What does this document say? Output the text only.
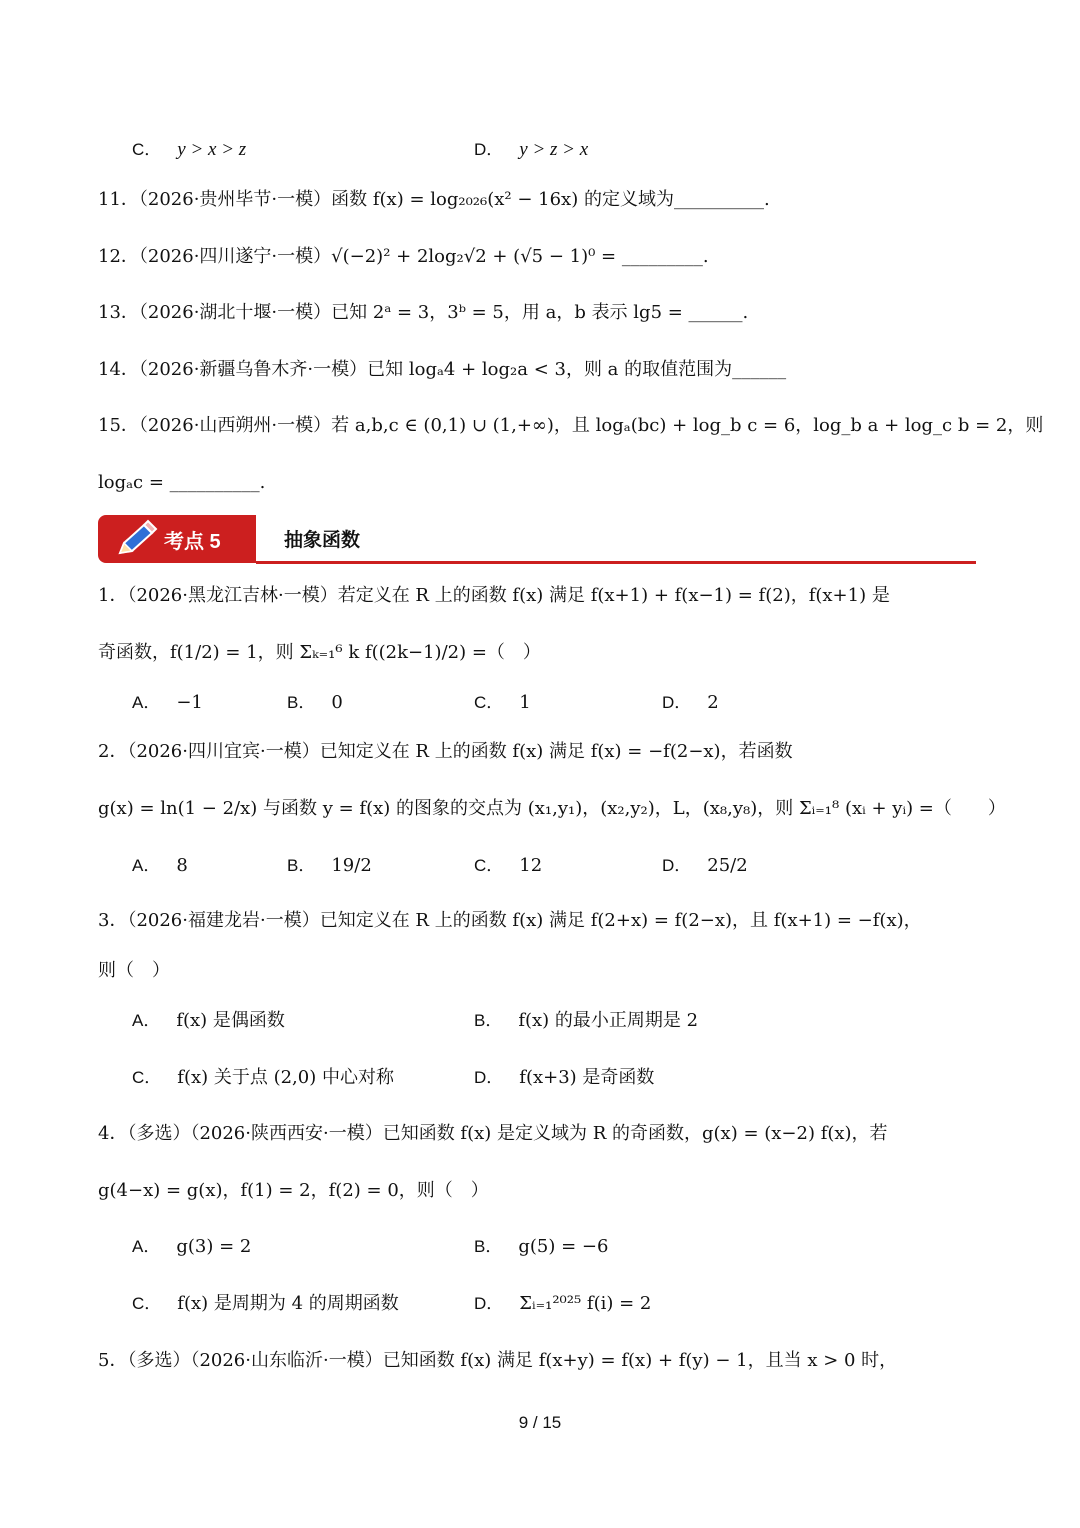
C． y > x > z	D． y > z > x
11．（2026·贵州毕节·一模）函数 f(x) = log₂₀₂₆(x² − 16x) 的定义域为__________.
12．（2026·四川遂宁·一模）√(−2)² + 2log₂√2 + (√5 − 1)⁰ = _________.
13．（2026·湖北十堰·一模）已知 2ᵃ = 3，3ᵇ = 5，用 a，b 表示 lg5 = ______.
14．（2026·新疆乌鲁木齐·一模）已知 logₐ4 + log₂a < 3，则 a 的取值范围为______
15．（2026·山西朔州·一模）若 a,b,c ∈ (0,1) ∪ (1,+∞)，且 logₐ(bc) + log_b c = 6，log_b a + log_c b = 2，则
logₐc = __________.
考点 5	抽象函数
1．（2026·黑龙江吉林·一模）若定义在 R 上的函数 f(x) 满足 f(x+1) + f(x−1) = f(2)，f(x+1) 是
奇函数，f(1/2) = 1，则 Σₖ₌₁⁶ k f((2k−1)/2) =（　）
A． −1	B． 0	C． 1	D． 2
2．（2026·四川宜宾·一模）已知定义在 R 上的函数 f(x) 满足 f(x) = −f(2−x)，若函数
g(x) = ln(1 − 2/x) 与函数 y = f(x) 的图象的交点为 (x₁,y₁)，(x₂,y₂)，L，(x₈,y₈)，则 Σᵢ₌₁⁸ (xᵢ + yᵢ) =（　　）
A． 8	B． 19/2	C． 12	D． 25/2
3．（2026·福建龙岩·一模）已知定义在 R 上的函数 f(x) 满足 f(2+x) = f(2−x)，且 f(x+1) = −f(x)，
则（　）
A． f(x) 是偶函数	B． f(x) 的最小正周期是 2
C． f(x) 关于点 (2,0) 中心对称	D． f(x+3) 是奇函数
4．（多选）（2026·陕西西安·一模）已知函数 f(x) 是定义域为 R 的奇函数，g(x) = (x−2) f(x)，若
g(4−x) = g(x)，f(1) = 2，f(2) = 0，则（　）
A． g(3) = 2	B． g(5) = −6
C． f(x) 是周期为 4 的周期函数	D． Σᵢ₌₁²⁰²⁵ f(i) = 2
5．（多选）（2026·山东临沂·一模）已知函数 f(x) 满足 f(x+y) = f(x) + f(y) − 1，且当 x > 0 时，
9 / 15
